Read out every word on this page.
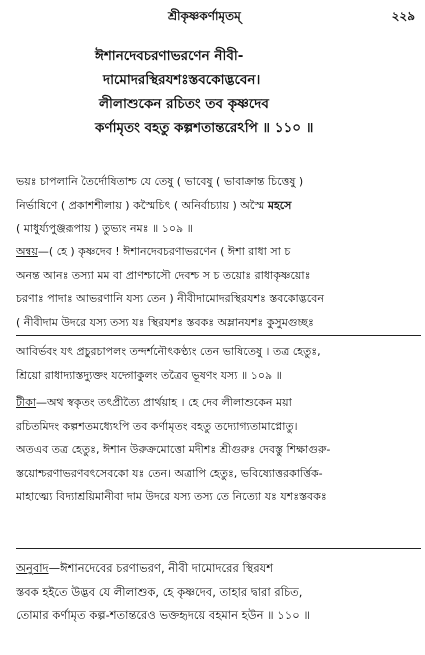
শ্রীকৃষ্ণকর্ণামৃতম্	২২৯
ঈশানদেবচরণাভরণেন নীবী-
দামোদরস্থিরযশঃস্তবকোদ্ভবেন।
লীলাশুকেন রচিতং তব কৃষ্ণদেব
কর্ণামৃতং বহতু কল্পশতান্তরেঽপি ॥ ১১০ ॥

ভয়ঃ চাপলানি তৈর্দোষিতাশ্চ যে তেষু ( ভাবেষু ( ভাবাক্রান্ত চিত্তেষু )

নির্ভাষিণে ( প্রকাশশীলায় ) কস্মৈচিৎ ( অনির্বাচ্যায় ) অস্মৈ মহসে

( মাধুর্য্যপুঞ্জরূপায় ) তুভ্যং নমঃ ॥ ১০৯ ॥

অন্বয়—( হে ) কৃষ্ণদেব ! ঈশানদেবচরণাভরণেন ( ঈশা রাধা সা চ

অনন্ত আনঃ তস্যা মম বা প্রাণশ্চাসৌ দেবশ্চ স চ তয়োঃ রাধাকৃষ্ণয়োঃ

চরণাঃ পাদাঃ আভরণানি যস্য তেন ) নীবীদামোদরস্থিরযশঃ স্তবকোদ্ভবেন

( নীবীদাম উদরে যস্য তস্য যঃ স্থিরযশঃ স্তবকঃ অম্লানযশঃ কুসুমগুচ্ছঃ

আবির্ভবং যৎ প্রচুরচাপলং তন্দর্শনৌৎকণ্ঠ্যং তেন ভাষিতেষু । তত্র হেতুঃ,

শ্রিয়ো রাধাদ্যাস্তদ্যুক্তং যদ্গোকুলং তত্ৰৈব ভূষণং যস্য ॥ ১০৯ ॥

টীকা—অথ স্বকৃতং তৎপ্রীত্যৈ প্রার্থয়াহ । হে দেব লীলাশুকেন ময়া

রচিতমিদং কল্পশতমধ্যেঽপি তব কর্ণামৃতং বহতু তদ্যোগ্যতামাপ্নোতু।

অতএব তত্র হেতুঃ, ঈশান উরুক্রমোত্তো মদীশঃ শ্রীগুরুঃ দেবস্তু শিক্ষাগুরু-

স্তয়োশ্চরণাভরণবৎসেবকো যঃ তেন। অত্রাপি হেতুঃ, ভবিষ্যোত্তরকার্ত্তিক-

মাহাত্ম্যে বিদ্যাশ্রয়িমানীবা দাম উদরে যস্য তস্য তে নিত্যো যঃ যশঃস্তবকঃ

অনুবাদ—ঈশানদেবের চরণাভরণ, নীবী দামোদরের স্থিরযশ

স্তবক হইতে উদ্ভব যে লীলাশুক, হে কৃষ্ণদেব, তাহার দ্বারা রচিত,

তোমার কর্ণামৃত কল্প-শতান্তরেও ভক্তহৃদয়ে বহমান হউন ॥ ১১০ ॥
